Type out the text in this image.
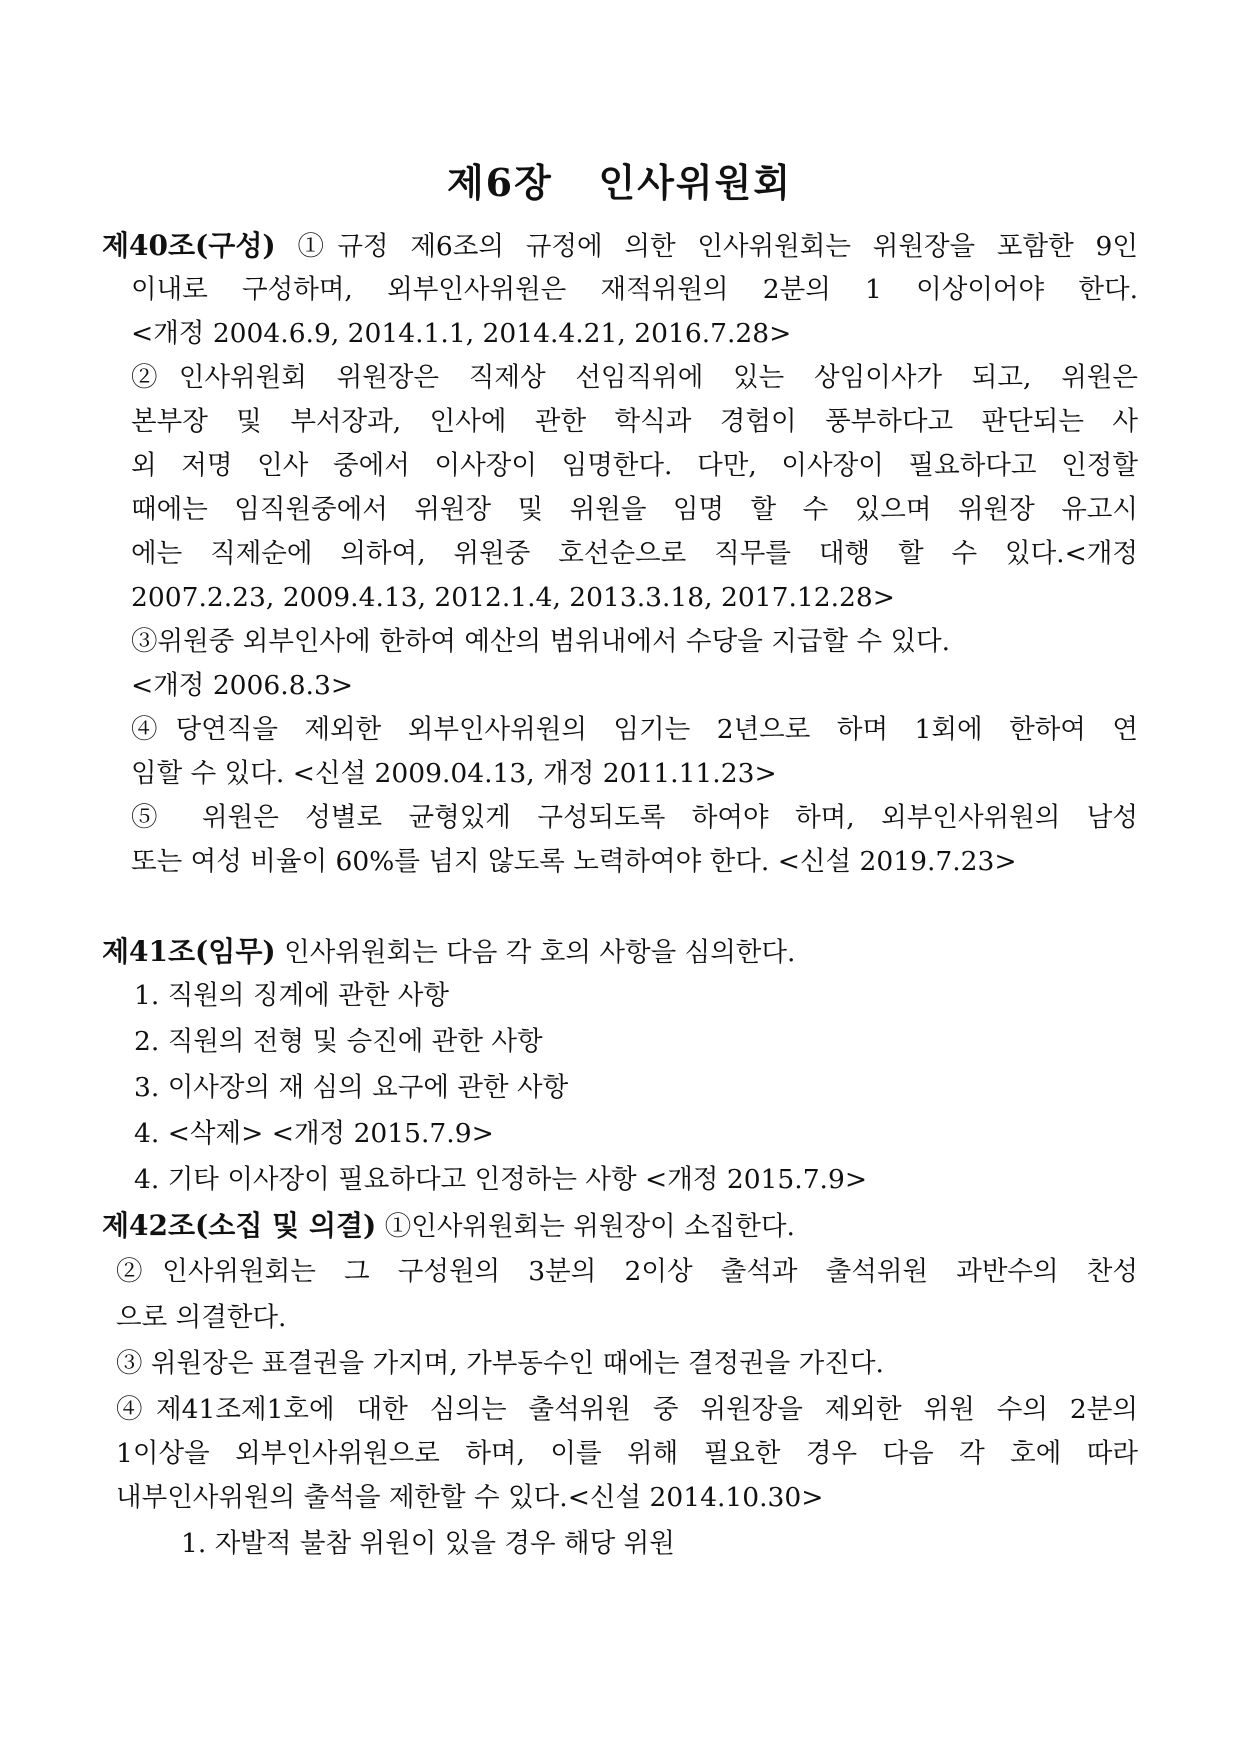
제6장   인사위원회
제40조(구성) ①규정 제6조의 규정에 의한 인사위원회는 위원장을 포함한 9인
이내로 구성하며, 외부인사위원은 재적위원의 2분의 1 이상이어야 한다.
<개정 2004.6.9, 2014.1.1, 2014.4.21, 2016.7.28>
②인사위원회 위원장은 직제상 선임직위에 있는 상임이사가 되고, 위원은
본부장 및 부서장과, 인사에 관한 학식과 경험이 풍부하다고 판단되는 사
외 저명 인사 중에서 이사장이 임명한다. 다만, 이사장이 필요하다고 인정할
때에는 임직원중에서 위원장 및 위원을 임명 할 수 있으며 위원장 유고시
에는 직제순에 의하여, 위원중 호선순으로 직무를 대행 할 수 있다.<개정
2007.2.23, 2009.4.13, 2012.1.4, 2013.3.18, 2017.12.28>
③위원중 외부인사에 한하여 예산의 범위내에서 수당을 지급할 수 있다.
<개정 2006.8.3>
④당연직을 제외한 외부인사위원의 임기는 2년으로 하며 1회에 한하여 연
임할 수 있다. <신설 2009.04.13, 개정 2011.11.23>
⑤ 위원은 성별로 균형있게 구성되도록 하여야 하며, 외부인사위원의 남성
또는 여성 비율이 60%를 넘지 않도록 노력하여야 한다. <신설 2019.7.23>
제41조(임무) 인사위원회는 다음 각 호의 사항을 심의한다.
1. 직원의 징계에 관한 사항
2. 직원의 전형 및 승진에 관한 사항
3. 이사장의 재 심의 요구에 관한 사항
4. <삭제> <개정 2015.7.9>
4. 기타 이사장이 필요하다고 인정하는 사항 <개정 2015.7.9>
제42조(소집 및 의결) ①인사위원회는 위원장이 소집한다.
②인사위원회는 그 구성원의 3분의 2이상 출석과 출석위원 과반수의 찬성
으로 의결한다.
③ 위원장은 표결권을 가지며, 가부동수인 때에는 결정권을 가진다.
④제41조제1호에 대한 심의는 출석위원 중 위원장을 제외한 위원 수의 2분의
1이상을 외부인사위원으로 하며, 이를 위해 필요한 경우 다음 각 호에 따라
내부인사위원의 출석을 제한할 수 있다.<신설 2014.10.30>
1. 자발적 불참 위원이 있을 경우 해당 위원
